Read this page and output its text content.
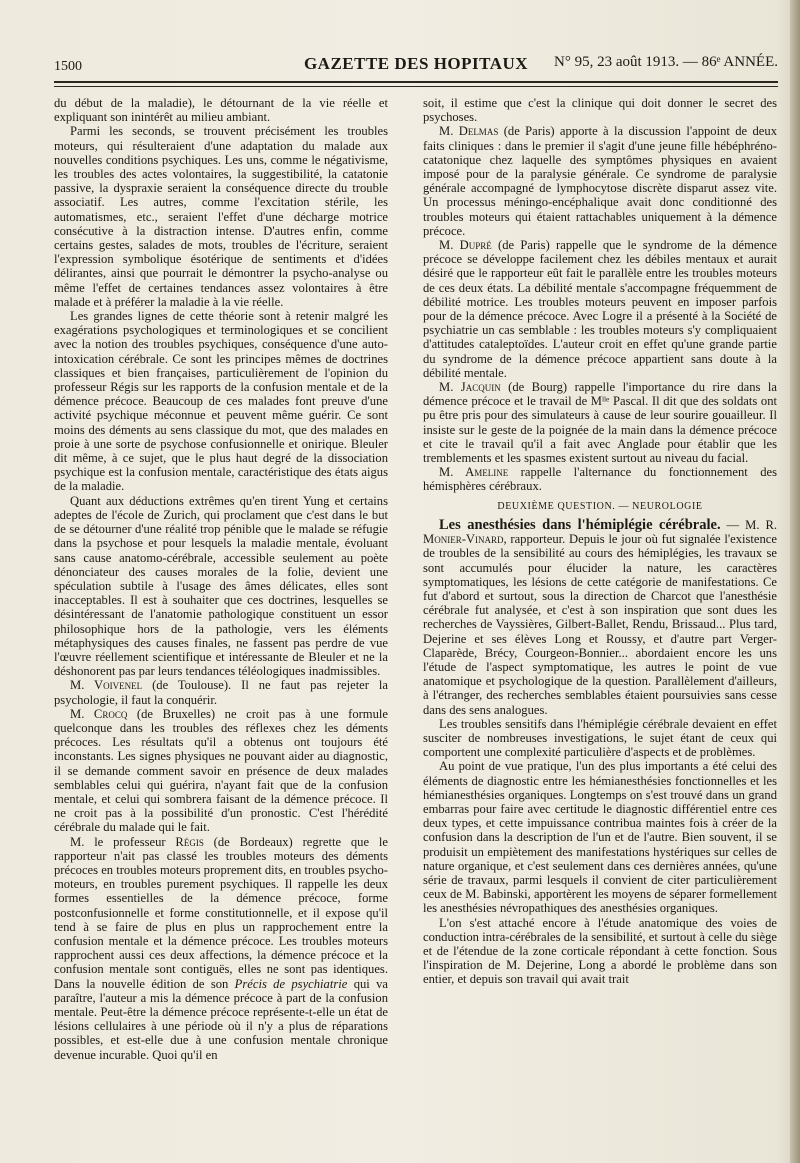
1500	GAZETTE DES HOPITAUX	N° 95, 23 août 1913. — 86ᵉ ANNÉE.

du début de la maladie), le détournant de la vie réelle et expliquant son inintérêt au milieu ambiant.

Parmi les seconds, se trouvent précisément les troubles moteurs, qui résulteraient d'une adaptation du malade aux nouvelles conditions psychiques. Les uns, comme le négativisme, les troubles des actes volontaires, la suggestibilité, la catatonie passive, la dyspraxie seraient la conséquence directe du trouble associatif. Les autres, comme l'excitation stérile, les automatismes, etc., seraient l'effet d'une décharge motrice consécutive à la distraction intense. D'autres enfin, comme certains gestes, salades de mots, troubles de l'écriture, seraient l'expression symbolique ésotérique de sentiments et d'idées délirantes, ainsi que pourrait le démontrer la psycho-analyse ou même l'effet de certaines tendances assez volontaires à être malade et à préférer la maladie à la vie réelle.

Les grandes lignes de cette théorie sont à retenir malgré les exagérations psychologiques et terminologiques et se concilient avec la notion des troubles psychiques, conséquence d'une auto-intoxication cérébrale. Ce sont les principes mêmes de doctrines classiques et bien françaises, particulièrement de l'opinion du professeur Régis sur les rapports de la confusion mentale et de la démence précoce. Beaucoup de ces malades font preuve d'une activité psychique méconnue et peuvent même guérir. Ce sont moins des déments au sens classique du mot, que des malades en proie à une sorte de psychose confusionnelle et onirique. Bleuler dit même, à ce sujet, que le plus haut degré de la dissociation psychique est la confusion mentale, caractéristique des états aigus de la maladie.

Quant aux déductions extrêmes qu'en tirent Yung et certains adeptes de l'école de Zurich, qui proclament que c'est dans le but de se détourner d'une réalité trop pénible que le malade se réfugie dans la psychose et pour lesquels la maladie mentale, évoluant sans cause anatomo-cérébrale, accessible seulement au poète dénonciateur des causes morales de la folie, devient une spéculation subtile à l'usage des âmes délicates, elles sont inacceptables. Il est à souhaiter que ces doctrines, lesquelles se désintéressant de l'anatomie pathologique constituent un essor philosophique hors de la pathologie, vers les éléments métaphysiques des causes finales, ne fassent pas perdre de vue l'œuvre réellement scientifique et intéressante de Bleuler et ne la déshonorent pas par leurs tendances téléologiques inadmissibles.

M. Voivenel (de Toulouse). Il ne faut pas rejeter la psychologie, il faut la conquérir.

M. Crocq (de Bruxelles) ne croit pas à une formule quelconque dans les troubles des réflexes chez les déments précoces. Les résultats qu'il a obtenus ont toujours été inconstants. Les signes physiques ne pouvant aider au diagnostic, il se demande comment savoir en présence de deux malades semblables celui qui guérira, n'ayant fait que de la confusion mentale, et celui qui sombrera faisant de la démence précoce. Il ne croit pas à la possibilité d'un pronostic. C'est l'hérédité cérébrale du malade qui le fait.

M. le professeur Régis (de Bordeaux) regrette que le rapporteur n'ait pas classé les troubles moteurs des déments précoces en troubles moteurs proprement dits, en troubles psycho-moteurs, en troubles purement psychiques. Il rappelle les deux formes essentielles de la démence précoce, forme postconfusionnelle et forme constitutionnelle, et il expose qu'il tend à se faire de plus en plus un rapprochement entre la confusion mentale et la démence précoce. Les troubles moteurs rapprochent aussi ces deux affections, la démence précoce et la confusion mentale sont contiguës, elles ne sont pas identiques. Dans la nouvelle édition de son Précis de psychiatrie qui va paraître, l'auteur a mis la démence précoce à part de la confusion mentale. Peut-être la démence précoce représente-t-elle un état de lésions cellulaires à une période où il n'y a plus de réparations possibles, et est-elle due à une confusion mentale chronique devenue incurable. Quoi qu'il en

soit, il estime que c'est la clinique qui doit donner le secret des psychoses.

M. Delmas (de Paris) apporte à la discussion l'appoint de deux faits cliniques : dans le premier il s'agit d'une jeune fille hébéphréno-catatonique chez laquelle des symptômes physiques en avaient imposé pour de la paralysie générale. Ce syndrome de paralysie générale accompagné de lymphocytose discrète disparut assez vite. Un processus méningo-encéphalique avait donc conditionné des troubles moteurs qui étaient rattachables uniquement à la démence précoce.

M. Dupré (de Paris) rappelle que le syndrome de la démence précoce se développe facilement chez les débiles mentaux et aurait désiré que le rapporteur eût fait le parallèle entre les troubles moteurs de ces deux états. La débilité mentale s'accompagne fréquemment de débilité motrice. Les troubles moteurs peuvent en imposer parfois pour de la démence précoce. Avec Logre il a présenté à la Société de psychiatrie un cas semblable : les troubles moteurs s'y compliquaient d'attitudes cataleptoïdes. L'auteur croit en effet qu'une grande partie du syndrome de la démence précoce appartient sans doute à la débilité mentale.

M. Jacquin (de Bourg) rappelle l'importance du rire dans la démence précoce et le travail de Mˡˡᵉ Pascal. Il dit que des soldats ont pu être pris pour des simulateurs à cause de leur sourire gouailleur. Il insiste sur le geste de la poignée de la main dans la démence précoce et cite le travail qu'il a fait avec Anglade pour établir que les tremblements et les spasmes existent surtout au niveau du facial.

M. Ameline rappelle l'alternance du fonctionnement des hémisphères cérébraux.

DEUXIÈME QUESTION. — NEUROLOGIE

Les anesthésies dans l'hémiplégie cérébrale. — M. R. Monier-Vinard, rapporteur. Depuis le jour où fut signalée l'existence de troubles de la sensibilité au cours des hémiplégies, les travaux se sont accumulés pour élucider la nature, les caractères symptomatiques, les lésions de cette catégorie de manifestations. Ce fut d'abord et surtout, sous la direction de Charcot que l'anesthésie cérébrale fut analysée, et c'est à son inspiration que sont dues les recherches de Vayssières, Gilbert-Ballet, Rendu, Brissaud... Plus tard, Dejerine et ses élèves Long et Roussy, et d'autre part Verger-Claparède, Brécy, Courgeon-Bonnier... abordaient encore les uns l'étude de l'aspect symptomatique, les autres le point de vue anatomique et psychologique de la question. Parallèlement d'ailleurs, à l'étranger, des recherches semblables étaient poursuivies sans cesse dans des sens analogues.

Les troubles sensitifs dans l'hémiplégie cérébrale devaient en effet susciter de nombreuses investigations, le sujet étant de ceux qui comportent une complexité particulière d'aspects et de problèmes.

Au point de vue pratique, l'un des plus importants a été celui des éléments de diagnostic entre les hémianesthésies fonctionnelles et les hémianesthésies organiques. Longtemps on s'est trouvé dans un grand embarras pour faire avec certitude le diagnostic différentiel entre ces deux types, et cette impuissance contribua maintes fois à créer de la confusion dans la description de l'un et de l'autre. Bien souvent, il se produisit un empiètement des manifestations hystériques sur celles de nature organique, et c'est seulement dans ces dernières années, qu'une série de travaux, parmi lesquels il convient de citer particulièrement ceux de M. Babinski, apportèrent les moyens de séparer formellement les anesthésies névropathiques des anesthésies organiques.

L'on s'est attaché encore à l'étude anatomique des voies de conduction intra-cérébrales de la sensibilité, et surtout à celle du siège et de l'étendue de la zone corticale répondant à cette fonction. Sous l'inspiration de M. Dejerine, Long a abordé le problème dans son entier, et depuis son travail qui avait trait
